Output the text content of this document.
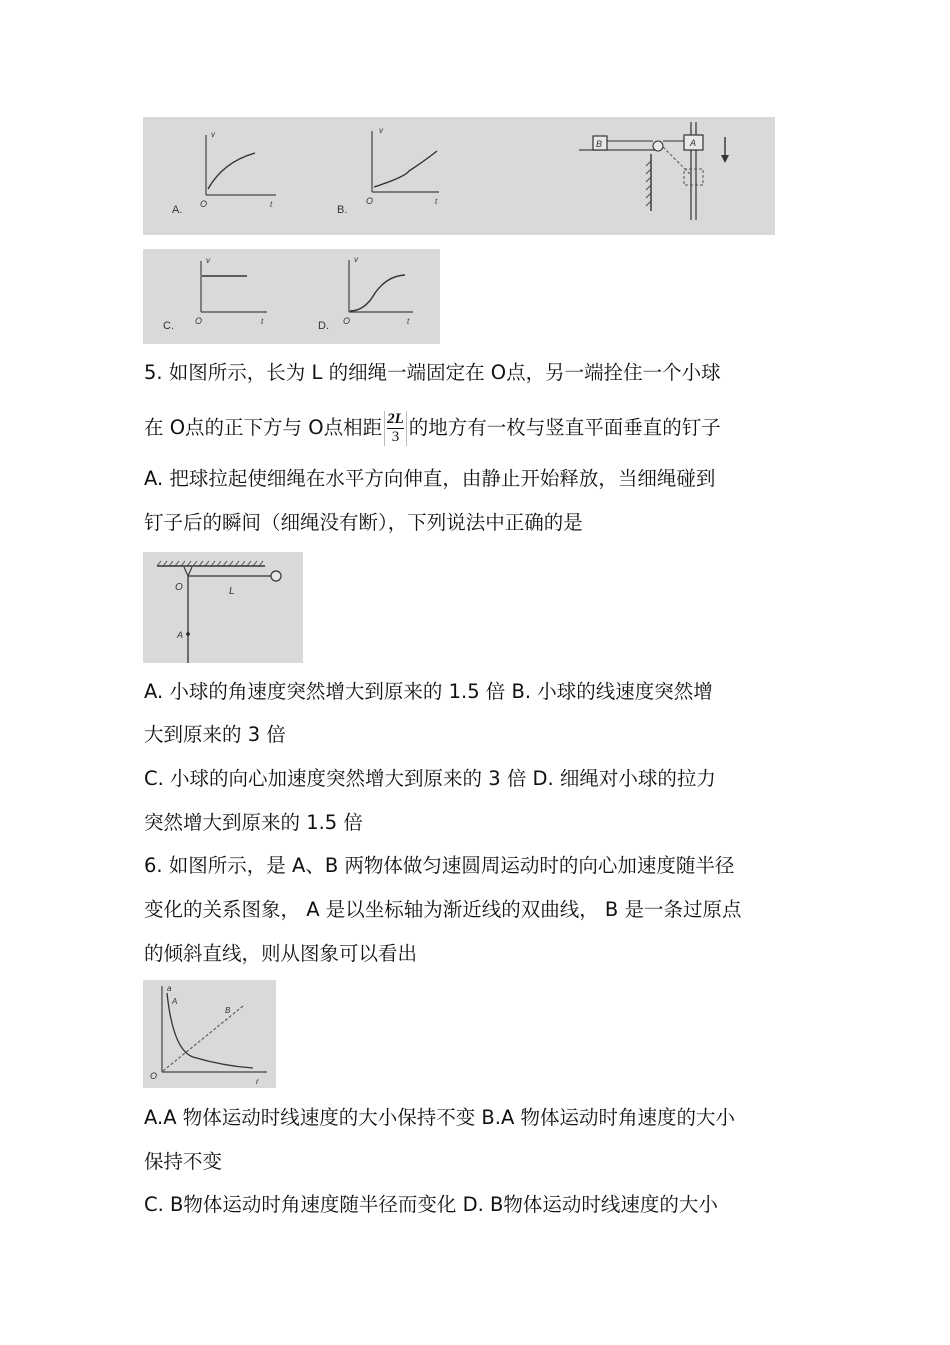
v
O	t
A.
v
O	t
B.
B	A
v
O	t
C.
v
O	t
D.
5. 如图所示，长为 L 的细绳一端固定在 O点，另一端拴住一个小球
在 O点的正下方与 O点相距 $\frac{2L}{3}$ 的地方有一枚与竖直平面垂直的钉子
A. 把球拉起使细绳在水平方向伸直，由静止开始释放，当细绳碰到
钉子后的瞬间（细绳没有断），下列说法中正确的是
O	L
A
A. 小球的角速度突然增大到原来的 1.5 倍 B. 小球的线速度突然增
大到原来的 3 倍
C. 小球的向心加速度突然增大到原来的 3 倍 D. 细绳对小球的拉力
突然增大到原来的 1.5 倍
6. 如图所示，是 A、B 两物体做匀速圆周运动时的向心加速度随半径
变化的关系图象， A 是以坐标轴为渐近线的双曲线， B 是一条过原点
的倾斜直线，则从图象可以看出
a
A
B
O
r
A.A 物体运动时线速度的大小保持不变 B.A 物体运动时角速度的大小
保持不变
C. B物体运动时角速度随半径而变化 D. B物体运动时线速度的大小
